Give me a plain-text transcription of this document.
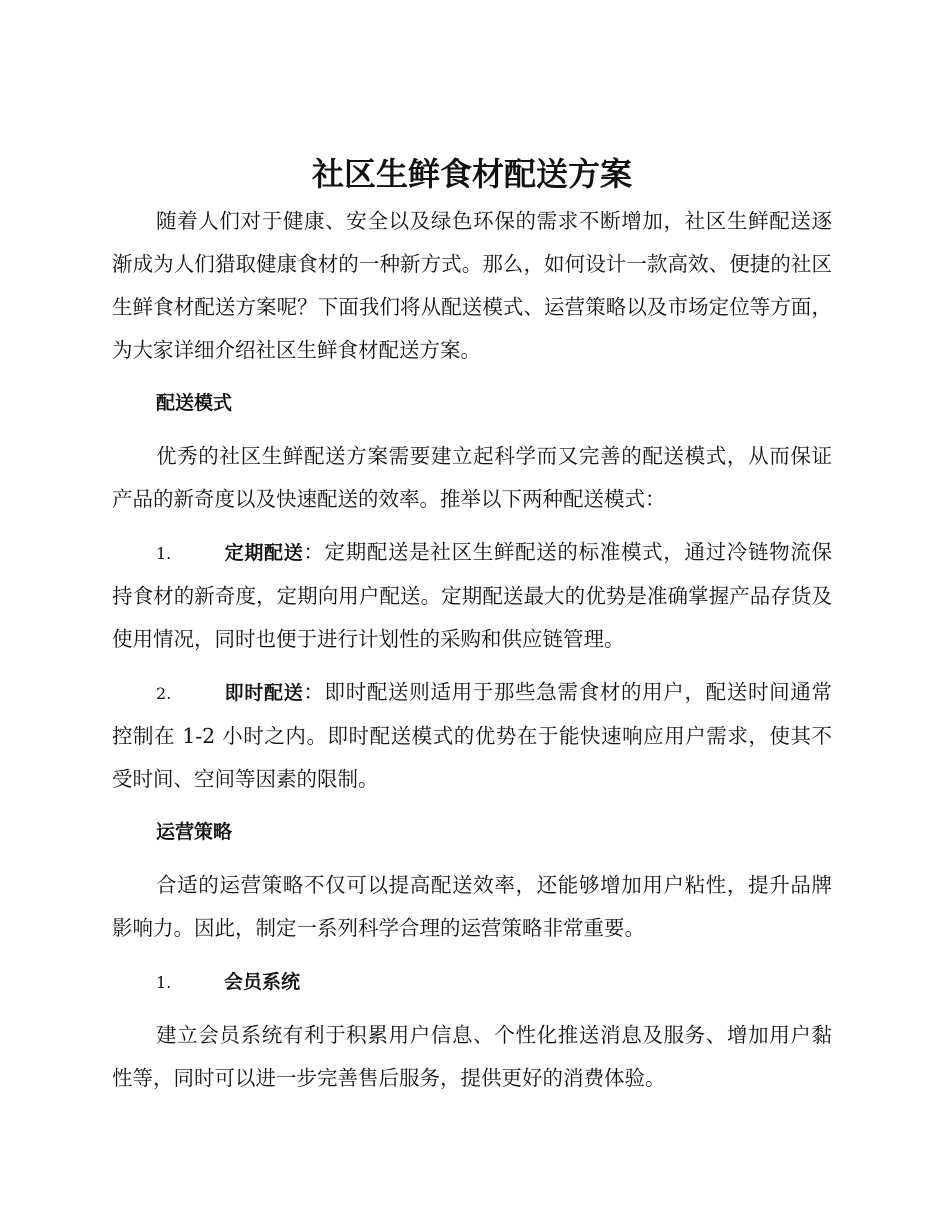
社区生鲜食材配送方案

随着人们对于健康、安全以及绿色环保的需求不断增加，社区生鲜配送逐渐成为人们猎取健康食材的一种新方式。那么，如何设计一款高效、便捷的社区生鲜食材配送方案呢？下面我们将从配送模式、运营策略以及市场定位等方面，为大家详细介绍社区生鲜食材配送方案。

配送模式

优秀的社区生鲜配送方案需要建立起科学而又完善的配送模式，从而保证产品的新奇度以及快速配送的效率。推举以下两种配送模式：

1.	定期配送：定期配送是社区生鲜配送的标准模式，通过冷链物流保持食材的新奇度，定期向用户配送。定期配送最大的优势是准确掌握产品存货及使用情况，同时也便于进行计划性的采购和供应链管理。

2.	即时配送：即时配送则适用于那些急需食材的用户，配送时间通常控制在 1-2 小时之内。即时配送模式的优势在于能快速响应用户需求，使其不受时间、空间等因素的限制。

运营策略

合适的运营策略不仅可以提高配送效率，还能够增加用户粘性，提升品牌影响力。因此，制定一系列科学合理的运营策略非常重要。

1.	会员系统

建立会员系统有利于积累用户信息、个性化推送消息及服务、增加用户黏性等，同时可以进一步完善售后服务，提供更好的消费体验。
